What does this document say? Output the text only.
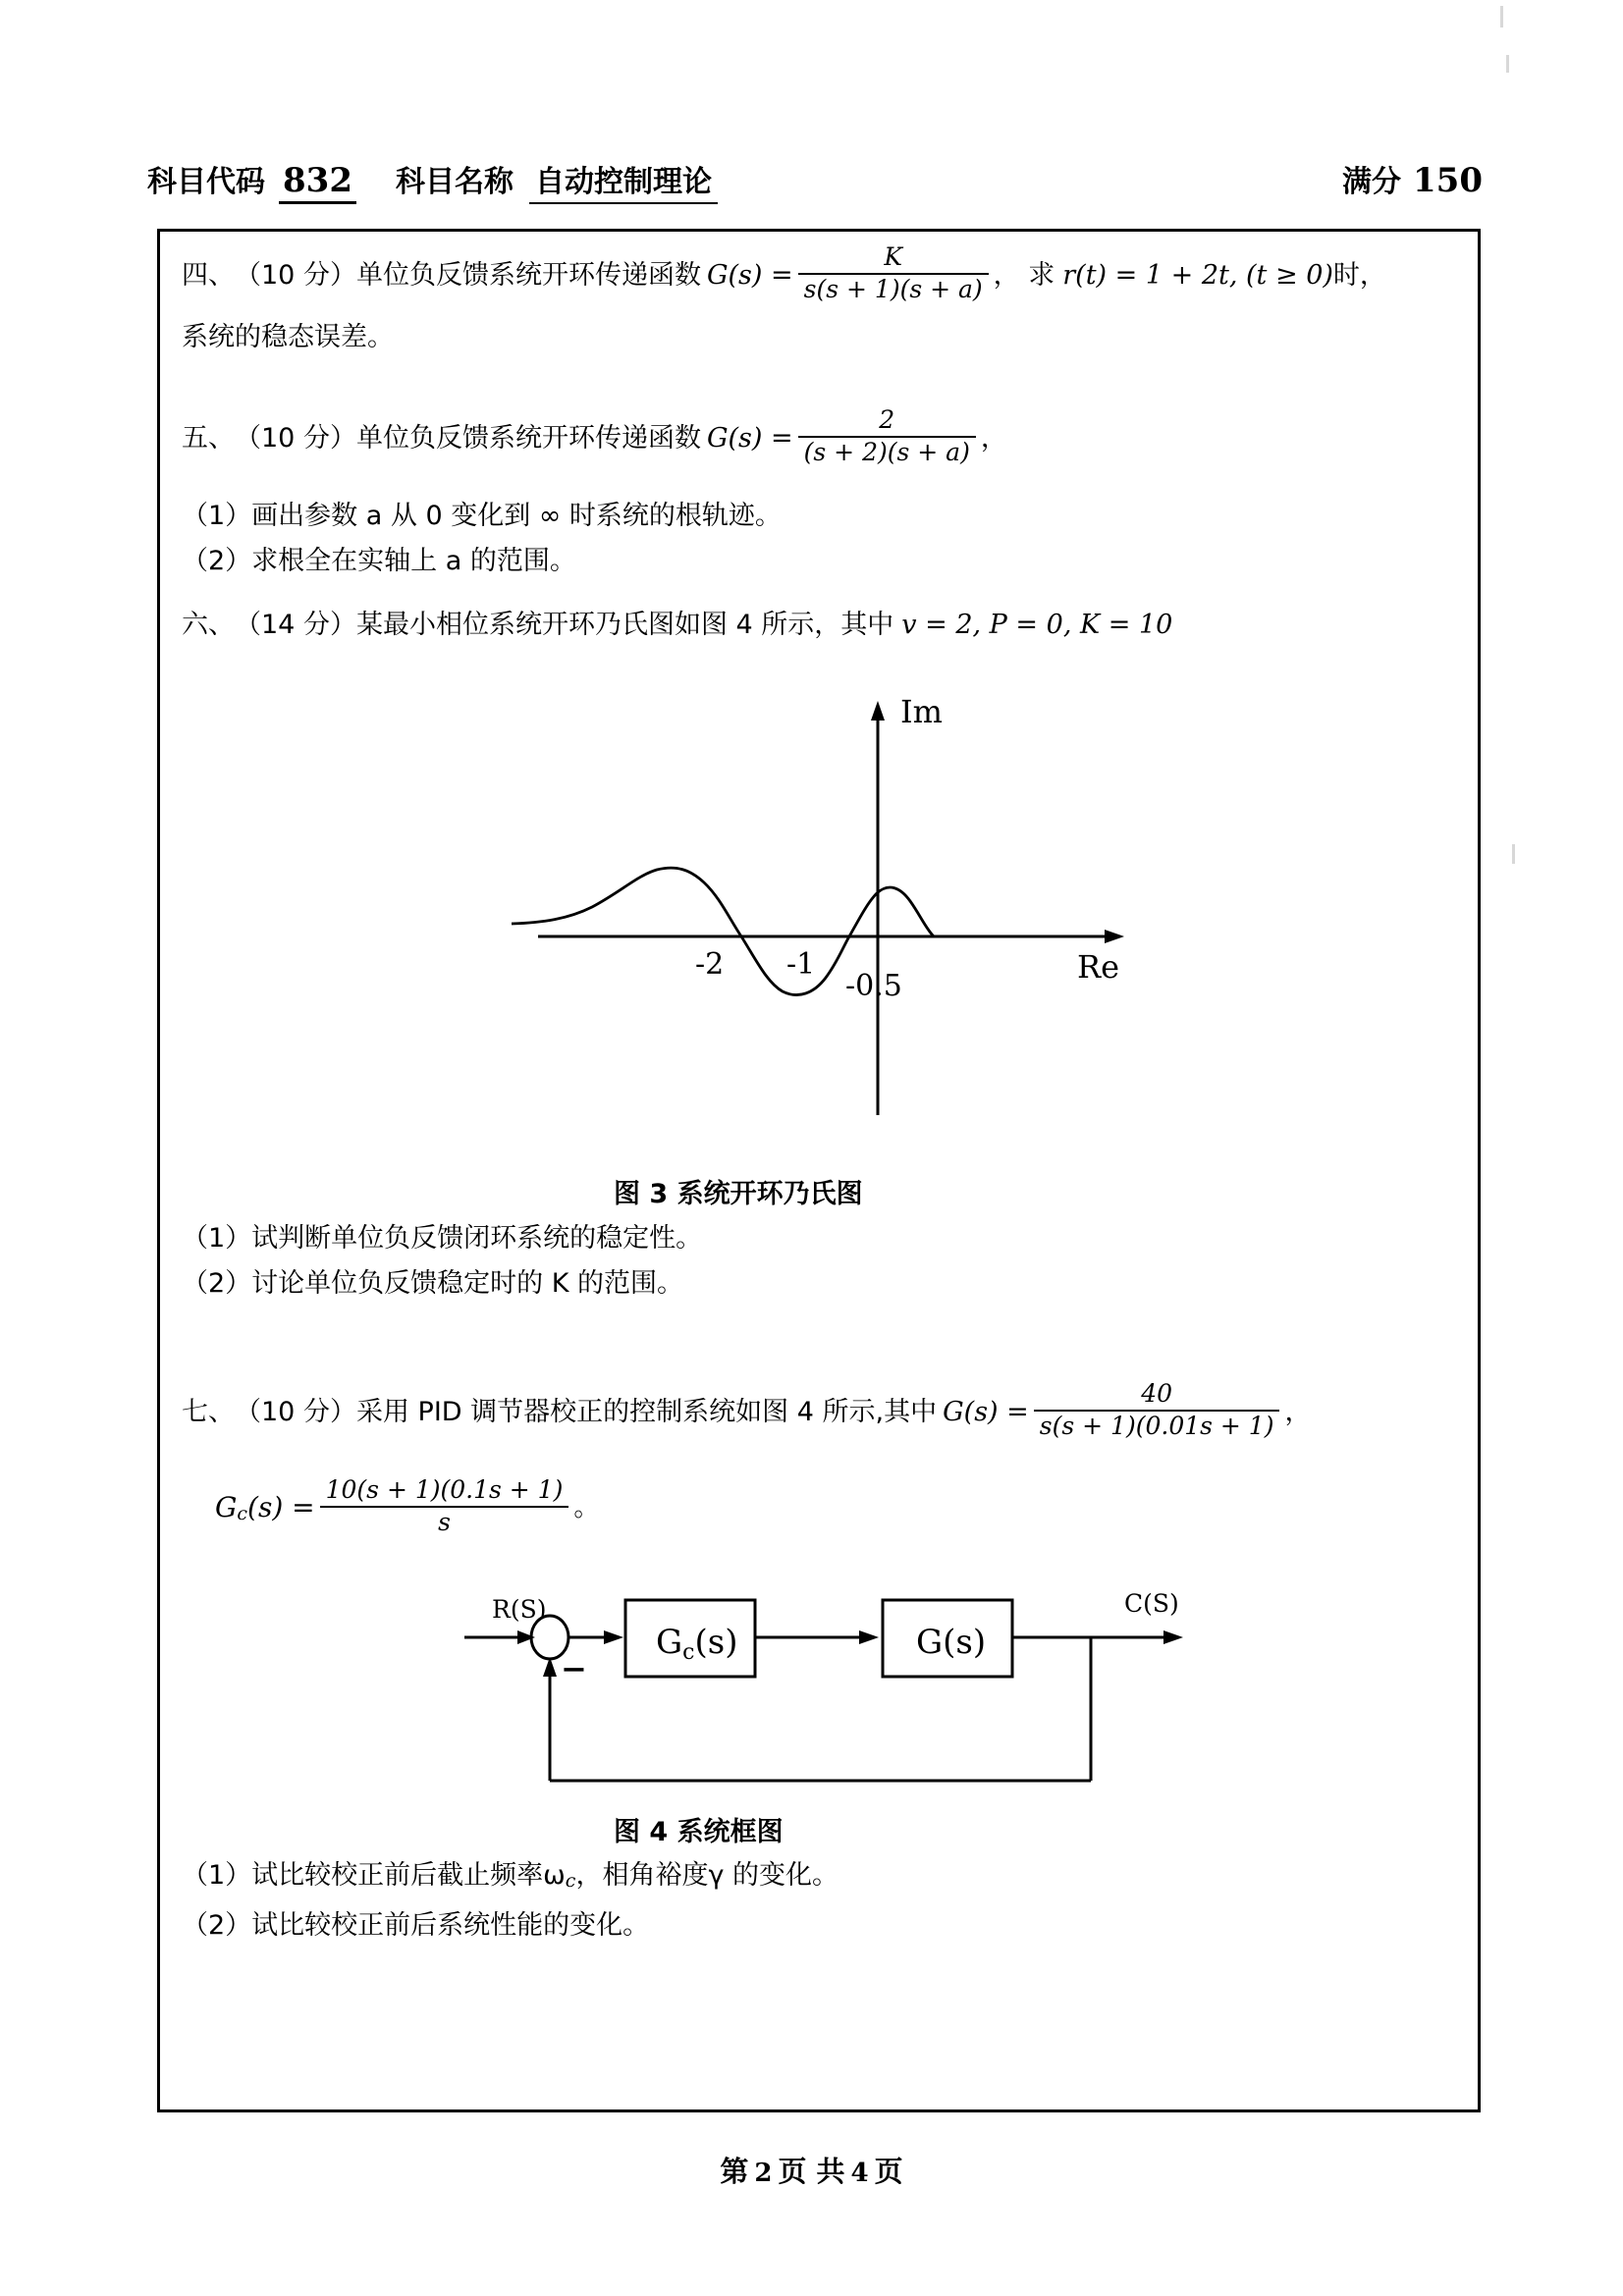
科目代码 832 科目名称 自动控制理论	满分 150
四、（10 分）单位负反馈系统开环传递函数 $G(s) = \frac{K}{s(s + 1)(s + a)}$ ， 求 r(t) = 1 + 2t, (t ≥ 0)时，
系统的稳态误差。
五、（10 分）单位负反馈系统开环传递函数 $G(s) = \frac{2}{(s + 2)(s + a)}$ ，
（1）画出参数 a 从 0 变化到 ∞ 时系统的根轨迹。
（2）求根全在实轴上 a 的范围。
六、（14 分）某最小相位系统开环乃氏图如图 4 所示，其中 v = 2, P = 0, K = 10
-2 -1
-0.5
Im
Re
图 3 系统开环乃氏图
（1）试判断单位负反馈闭环系统的稳定性。
（2）讨论单位负反馈稳定时的 K 的范围。
七、（10 分）采用 PID 调节器校正的控制系统如图 4 所示,其中 $G(s) = \frac{40}{s(s + 1)(0.01s + 1)}$ ，
$Gc(s) = \frac{10(s + 1)(0.1s + 1)}{s}$ 。
R(S)
−
Gc(s)	G(s)
C(S)
图 4 系统框图
（1）试比较校正前后截止频率ωc，相角裕度γ 的变化。
（2）试比较校正前后系统性能的变化。
第 2 页 共 4 页
